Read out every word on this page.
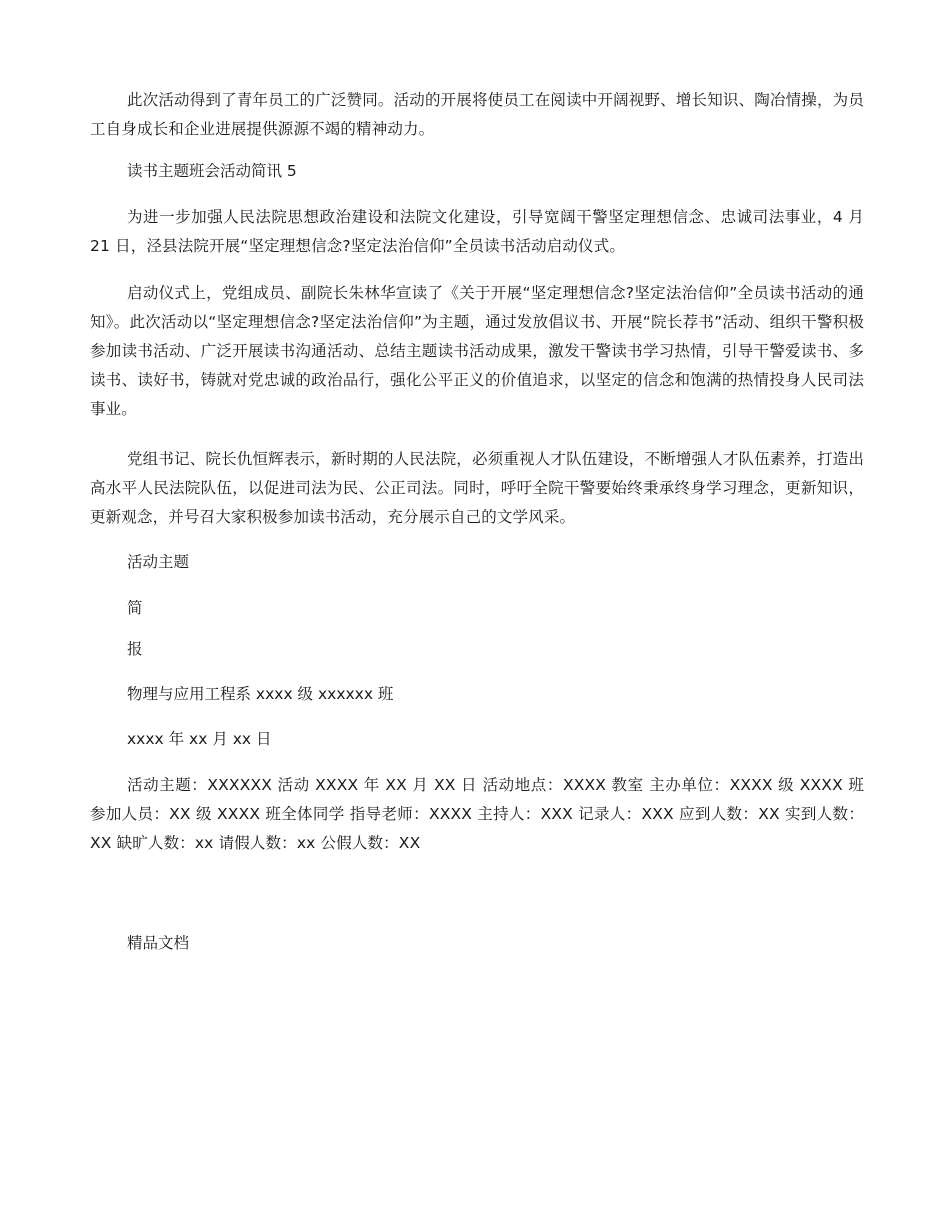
此次活动得到了青年员工的广泛赞同。活动的开展将使员工在阅读中开阔视野、增长知识、陶冶情操，为员工自身成长和企业进展提供源源不竭的精神动力。

读书主题班会活动简讯 5

为进一步加强人民法院思想政治建设和法院文化建设，引导宽阔干警坚定理想信念、忠诚司法事业，4 月 21 日，泾县法院开展“坚定理想信念?坚定法治信仰”全员读书活动启动仪式。

启动仪式上，党组成员、副院长朱林华宣读了《关于开展“坚定理想信念?坚定法治信仰”全员读书活动的通知》。此次活动以“坚定理想信念?坚定法治信仰”为主题，通过发放倡议书、开展“院长荐书”活动、组织干警积极参加读书活动、广泛开展读书沟通活动、总结主题读书活动成果，激发干警读书学习热情，引导干警爱读书、多读书、读好书，铸就对党忠诚的政治品行，强化公平正义的价值追求，以坚定的信念和饱满的热情投身人民司法事业。

党组书记、院长仇恒辉表示，新时期的人民法院，必须重视人才队伍建设，不断增强人才队伍素养，打造出高水平人民法院队伍，以促进司法为民、公正司法。同时，呼吁全院干警要始终秉承终身学习理念，更新知识，更新观念，并号召大家积极参加读书活动，充分展示自己的文学风采。

活动主题

简

报

物理与应用工程系 xxxx 级 xxxxxx 班

xxxx 年 xx 月 xx 日

活动主题：XXXXXX 活动 XXXX 年 XX 月 XX 日 活动地点：XXXX 教室 主办单位：XXXX 级 XXXX 班 参加人员：XX 级 XXXX 班全体同学 指导老师：XXXX 主持人：XXX 记录人：XXX 应到人数：XX 实到人数：XX 缺旷人数：xx 请假人数：xx 公假人数：XX

精品文档
